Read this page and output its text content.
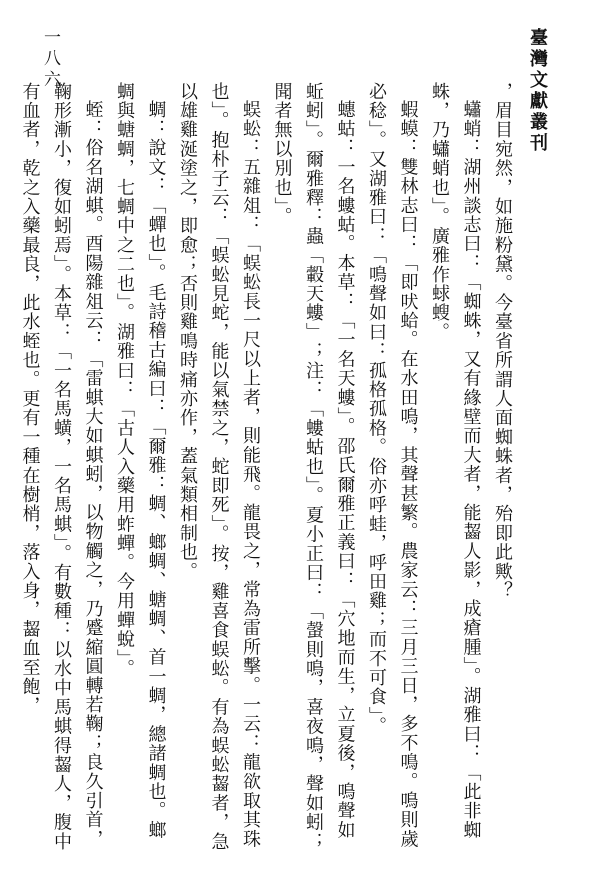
臺灣文獻叢刊
一八六

，眉目宛然，如施粉黛。今臺省所謂人面蜘蛛者，殆即此歟？

蠨蛸：湖州談志曰：「蜘蛛，又有緣壁而大者，能齧人影，成瘡腫」。湖雅曰：「此非蜘蛛，乃蠨蛸也」。廣雅作蛷螋。

蝦蟆：雙林志曰：「即吠蛤。在水田鳴，其聲甚繁。農家云：三月三日，多不鳴。鳴則歲必稔」。又湖雅曰：「鳴聲如曰：孤格孤格。俗亦呼蛙，呼田雞；而不可食」。

蟪蛄：一名螻蛄。本草：「一名天螻」。邵氏爾雅正義曰：「穴地而生，立夏後，鳴聲如蚯蚓」。爾雅釋：蟲「轂天螻」；注：「螻蛄也」。夏小正曰：「螜則鳴，喜夜鳴，聲如蚓；聞者無以別也」。

蜈蚣：五雜俎：「蜈蚣長一尺以上者，則能飛。龍畏之，常為雷所擊。一云：龍欲取其珠也」。抱朴子云：「蜈蚣見蛇，能以氣禁之，蛇即死」。按，雞喜食蜈蚣。有為蜈蚣齧者，急以雄雞涎塗之，即愈；否則雞鳴時痛亦作，蓋氣類相制也。

蜩：說文：「蟬也」。毛詩稽古編曰：「爾雅：蜩、螂蜩、螗蜩、首一蜩，總諸蜩也。螂蜩與螗蜩，七蜩中之二也」。湖雅曰：「古人入藥用蚱蟬。今用蟬蛻」。

蛭：俗名湖蜞。酉陽雜俎云：「雷蜞大如蜞蚓，以物觸之，乃蹙縮圓轉若鞠；良久引首，鞠形漸小，復如蚓焉」。本草：「一名馬蟥，一名馬蜞」。有數種：以水中馬蜞得齧人，腹中有血者，乾之入藥最良，此水蛭也。更有一種在樹梢，落入身，齧血至飽，
